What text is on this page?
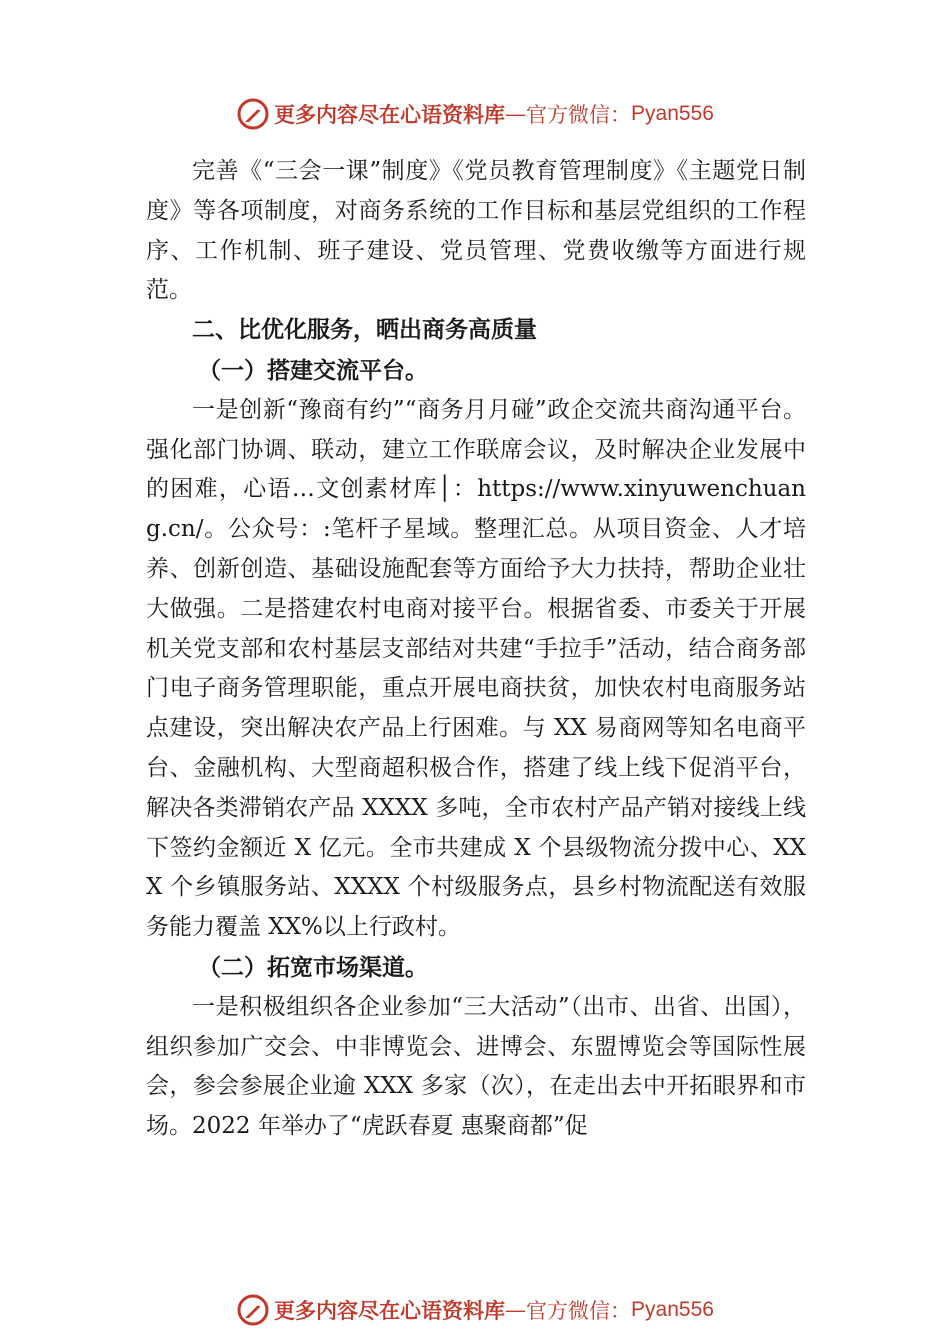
更多内容尽在心语资料库 — 官方微信： Pyan556

完善《“三会一课”制度》《党员教育管理制度》《主题党日制度》等各项制度，对商务系统的工作目标和基层党组织的工作程序、工作机制、班子建设、党员管理、党费收缴等方面进行规范。

二、比优化服务，晒出商务高质量

（一）搭建交流平台。

一是创新“豫商有约”“商务月月碰”政企交流共商沟通平台。强化部门协调、联动，建立工作联席会议，及时解决企业发展中的困难，心语…文创素材库│：https://www.xinyuwenchuang.cn/。公众号：:笔杆子星域。整理汇总。从项目资金、人才培养、创新创造、基础设施配套等方面给予大力扶持，帮助企业壮大做强。二是搭建农村电商对接平台。根据省委、市委关于开展机关党支部和农村基层支部结对共建“手拉手”活动，结合商务部门电子商务管理职能，重点开展电商扶贫，加快农村电商服务站点建设，突出解决农产品上行困难。与 XX 易商网等知名电商平台、金融机构、大型商超积极合作，搭建了线上线下促消平台，解决各类滞销农产品 XXXX 多吨，全市农村产品产销对接线上线下签约金额近 X 亿元。全市共建成 X 个县级物流分拨中心、XXX 个乡镇服务站、XXXX 个村级服务点，县乡村物流配送有效服务能力覆盖 XX%以上行政村。

（二）拓宽市场渠道。

一是积极组织各企业参加“三大活动”（出市、出省、出国），组织参加广交会、中非博览会、进博会、东盟博览会等国际性展会，参会参展企业逾 XXX 多家（次），在走出去中开拓眼界和市场。2022 年举办了“虎跃春夏 惠聚商都”促

更多内容尽在心语资料库 — 官方微信： Pyan556
